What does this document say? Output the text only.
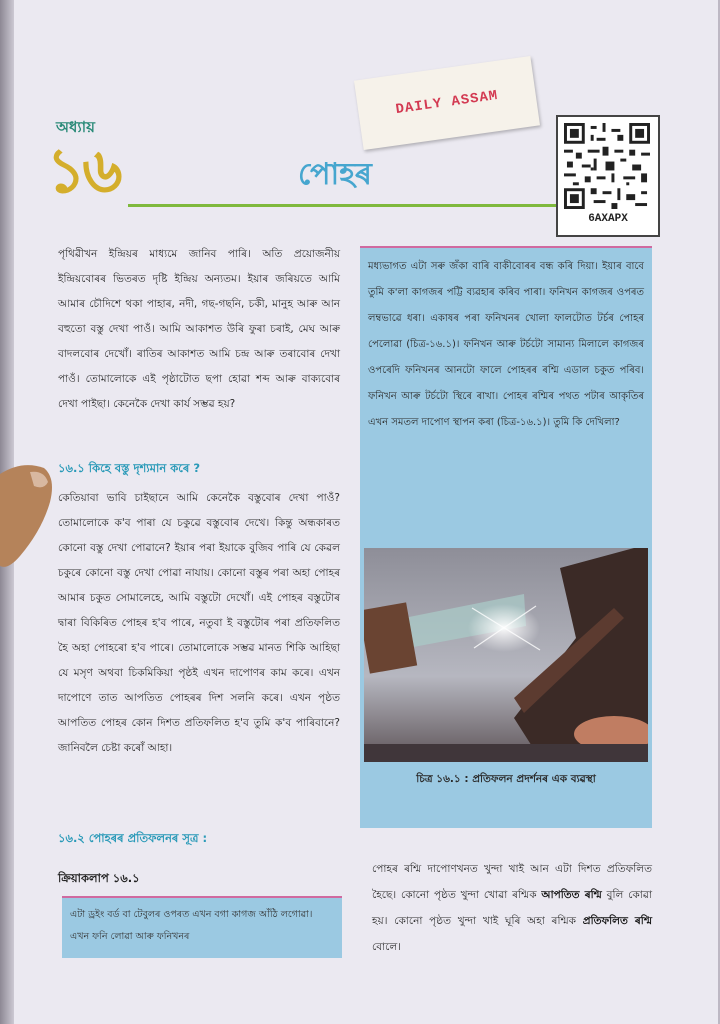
অধ্যায়
১৬	পোহৰ
DAILY ASSAM
6AXAPX
পৃথিৱীখন ইন্দ্ৰিয়ৰ মাধ্যমে জানিব পাৰি। অতি প্ৰয়োজনীয় ইন্দ্ৰিয়বোৰৰ ভিতৰত দৃষ্টি ইন্দ্ৰিয় অন্যতম। ইয়াৰ জৰিয়তে আমি আমাৰ চৌদিশে থকা পাহাৰ, নদী, গছ-গছনি, চকী, মানুহ আৰু আন বহুতো বস্তু দেখা পাওঁ। আমি আকাশত উৰি ফুৰা চৰাই, মেঘ আৰু বাদলবোৰ দেখোঁ। ৰাতিৰ আকাশত আমি চন্দ্ৰ আৰু তৰাবোৰ দেখা পাওঁ। তোমালোকে এই পৃষ্ঠাটোত ছপা হোৱা শব্দ আৰু বাক্যবোৰ দেখা পাইছা। কেনেকৈ দেখা কাৰ্য সম্ভৱ হয়?
১৬.১ কিহে বস্তু দৃশ্যমান কৰে ?
কেতিয়াবা ভাবি চাইছানে আমি কেনেকৈ বস্তুবোৰ দেখা পাওঁ? তোমালোকে ক'ব পাৰা যে চকুৱে বস্তুবোৰ দেখে। কিন্তু অন্ধকাৰত কোনো বস্তু দেখা পোৱানে? ইয়াৰ পৰা ইয়াকে বুজিব পাৰি যে কেৱল চকুৰে কোনো বস্তু দেখা পোৱা নাযায়। কোনো বস্তুৰ পৰা অহা পোহৰ আমাৰ চকুত সোমালেহে, আমি বস্তুটো দেখোঁ। এই পোহৰ বস্তুটোৰ দ্বাৰা বিকিৰিত পোহৰ হ'ব পাৰে, নতুবা ই বস্তুটোৰ পৰা প্ৰতিফলিত হৈ অহা পোহৰো হ'ব পাৰে। তোমালোকে সম্ভৱ মানত শিকি আহিছা যে মসৃণ অথবা চিকমিকিয়া পৃষ্ঠই এখন দাপোণৰ কাম কৰে। এখন দাপোণে তাত আপতিত পোহৰৰ দিশ সলনি কৰে। এখন পৃষ্ঠত আপতিত পোহৰ কোন দিশত প্ৰতিফলিত হ'ব তুমি ক'ব পাৰিবানে? জানিবলৈ চেষ্টা কৰোঁ আহা।
১৬.২ পোহৰৰ প্ৰতিফলনৰ সূত্ৰ :
ক্ৰিয়াকলাপ ১৬.১
এটা ড্ৰইং বৰ্ড বা টেবুলৰ ওপৰত এখন বগা কাগজ আঁঠি লগোৱা। এখন ফনি লোৱা আৰু ফনিখনৰ
মধ্যভাগত এটা সৰু জঁকা বাৰি বাকীবোৰৰ বন্ধ কৰি দিয়া। ইয়াৰ বাবে তুমি ক'লা কাগজৰ পট্টি ব্যৱহাৰ কৰিব পাৰা। ফনিখন কাগজৰ ওপৰত লম্বভাৱে ধৰা। একাষৰ পৰা ফনিখনৰ খোলা ফালটোত টৰ্চৰ পোহৰ পেলোৱা (চিত্ৰ-১৬.১)। ফনিখন আৰু টৰ্চটো সামান্য মিলালে কাগজৰ ওপৰেদি ফনিখনৰ আনটো ফালে পোহৰৰ ৰশ্মি এডাল চকুত পৰিব। ফনিখন আৰু টৰ্চটো স্থিৰে ৰাখা। পোহৰ ৰশ্মিৰ পথত পটাৰ আকৃতিৰ এখন সমতল দাপোণ স্থাপন কৰা (চিত্ৰ-১৬.১)। তুমি কি দেখিলা?
চিত্ৰ ১৬.১ : প্ৰতিফলন প্ৰদৰ্শনৰ এক ব্যৱস্থা
পোহৰ ৰশ্মি দাপোণখনত খুন্দা খাই আন এটা দিশত প্ৰতিফলিত হৈছে। কোনো পৃষ্ঠত খুন্দা খোৱা ৰশ্মিক আপতিত ৰশ্মি বুলি কোৱা হয়। কোনো পৃষ্ঠত খুন্দা খাই ঘূৰি অহা ৰশ্মিক প্ৰতিফলিত ৰশ্মি বোলে।
